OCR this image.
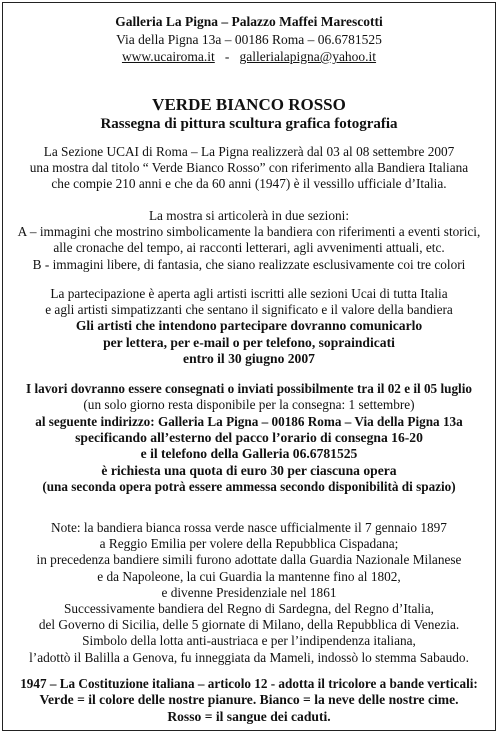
Galleria La Pigna – Palazzo Maffei Marescotti

Via della Pigna 13a – 00186 Roma – 06.6781525

www.ucairoma.it - gallerialapigna@yahoo.it

VERDE BIANCO ROSSO

Rassegna di pittura scultura grafica fotografia

La Sezione UCAI di Roma – La Pigna realizzerà dal 03 al 08 settembre 2007

una mostra dal titolo “ Verde Bianco Rosso” con riferimento alla Bandiera Italiana

che compie 210 anni e che da 60 anni (1947) è il vessillo ufficiale d’Italia.

La mostra si articolerà in due sezioni:

A – immagini che mostrino simbolicamente la bandiera con riferimenti a eventi storici,

alle cronache del tempo, ai racconti letterari, agli avvenimenti attuali, etc.

B - immagini libere, di fantasia, che siano realizzate esclusivamente coi tre colori

La partecipazione è aperta agli artisti iscritti alle sezioni Ucai di tutta Italia

e agli artisti simpatizzanti che sentano il significato e il valore della bandiera

Gli artisti che intendono partecipare dovranno comunicarlo

per lettera, per e-mail o per telefono, sopraindicati

entro il 30 giugno 2007

I lavori dovranno essere consegnati o inviati possibilmente tra il 02 e il 05 luglio

(un solo giorno resta disponibile per la consegna: 1 settembre)

al seguente indirizzo: Galleria La Pigna – 00186 Roma – Via della Pigna 13a

specificando all’esterno del pacco l’orario di consegna 16-20

e il telefono della Galleria 06.6781525

è richiesta una quota di euro 30 per ciascuna opera

(una seconda opera potrà essere ammessa secondo disponibilità di spazio)

Note: la bandiera bianca rossa verde nasce ufficialmente il 7 gennaio 1897

a Reggio Emilia per volere della Repubblica Cispadana;

in precedenza bandiere simili furono adottate dalla Guardia Nazionale Milanese

e da Napoleone, la cui Guardia la mantenne fino al 1802,

e divenne Presidenziale nel 1861

Successivamente bandiera del Regno di Sardegna, del Regno d’Italia,

del Governo di Sicilia, delle 5 giornate di Milano, della Repubblica di Venezia.

Simbolo della lotta anti-austriaca e per l’indipendenza italiana,

l’adottò il Balilla a Genova, fu inneggiata da Mameli, indossò lo stemma Sabaudo.

1947 – La Costituzione italiana – articolo 12 - adotta il tricolore a bande verticali:

Verde = il colore delle nostre pianure. Bianco = la neve delle nostre cime.

Rosso = il sangue dei caduti.
